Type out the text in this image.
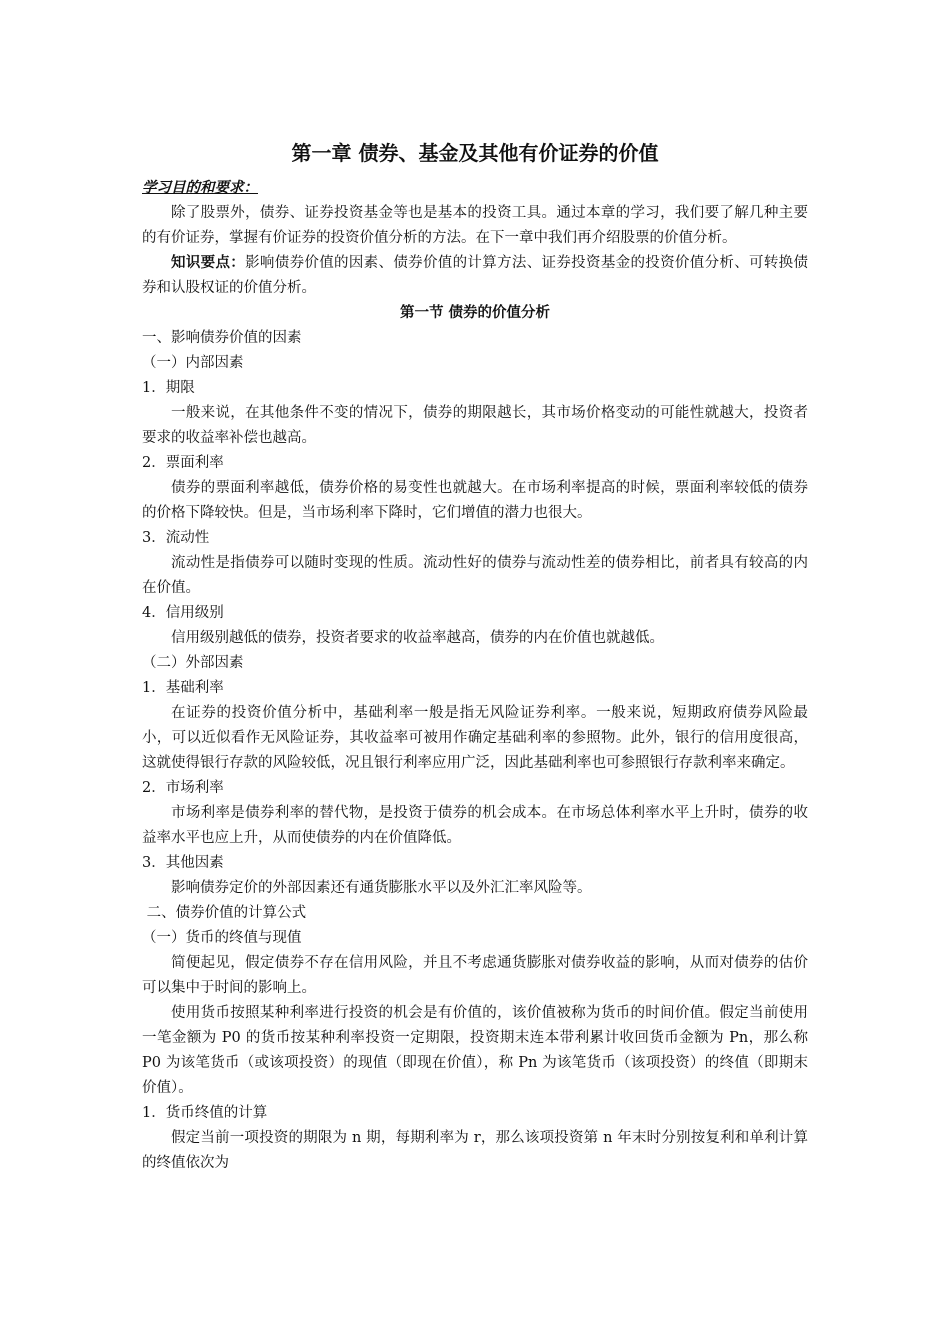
第一章 债券、基金及其他有价证券的价值
学习目的和要求：

除了股票外，债券、证券投资基金等也是基本的投资工具。通过本章的学习，我们要了解几种主要的有价证券，掌握有价证券的投资价值分析的方法。在下一章中我们再介绍股票的价值分析。

知识要点：影响债券价值的因素、债券价值的计算方法、证券投资基金的投资价值分析、可转换债券和认股权证的价值分析。

第一节 债券的价值分析
一、影响债券价值的因素
（一）内部因素
1．期限

一般来说，在其他条件不变的情况下，债券的期限越长，其市场价格变动的可能性就越大，投资者要求的收益率补偿也越高。

2．票面利率

债券的票面利率越低，债券价格的易变性也就越大。在市场利率提高的时候，票面利率较低的债券的价格下降较快。但是，当市场利率下降时，它们增值的潜力也很大。

3．流动性

流动性是指债券可以随时变现的性质。流动性好的债券与流动性差的债券相比，前者具有较高的内在价值。

4．信用级别

信用级别越低的债券，投资者要求的收益率越高，债券的内在价值也就越低。

（二）外部因素
1．基础利率

在证券的投资价值分析中，基础利率一般是指无风险证券利率。一般来说，短期政府债券风险最小，可以近似看作无风险证券，其收益率可被用作确定基础利率的参照物。此外，银行的信用度很高，这就使得银行存款的风险较低，况且银行利率应用广泛，因此基础利率也可参照银行存款利率来确定。

2．市场利率

市场利率是债券利率的替代物，是投资于债券的机会成本。在市场总体利率水平上升时，债券的收益率水平也应上升，从而使债券的内在价值降低。

3．其他因素

影响债券定价的外部因素还有通货膨胀水平以及外汇汇率风险等。

二、债券价值的计算公式
（一）货币的终值与现值

简便起见，假定债券不存在信用风险，并且不考虑通货膨胀对债券收益的影响，从而对债券的估价可以集中于时间的影响上。

使用货币按照某种利率进行投资的机会是有价值的，该价值被称为货币的时间价值。假定当前使用一笔金额为 P0 的货币按某种利率投资一定期限，投资期末连本带利累计收回货币金额为 Pn，那么称 P0 为该笔货币（或该项投资）的现值（即现在价值），称 Pn 为该笔货币（该项投资）的终值（即期末价值）。

1．货币终值的计算

假定当前一项投资的期限为 n 期，每期利率为 r，那么该项投资第 n 年末时分别按复利和单利计算的终值依次为
